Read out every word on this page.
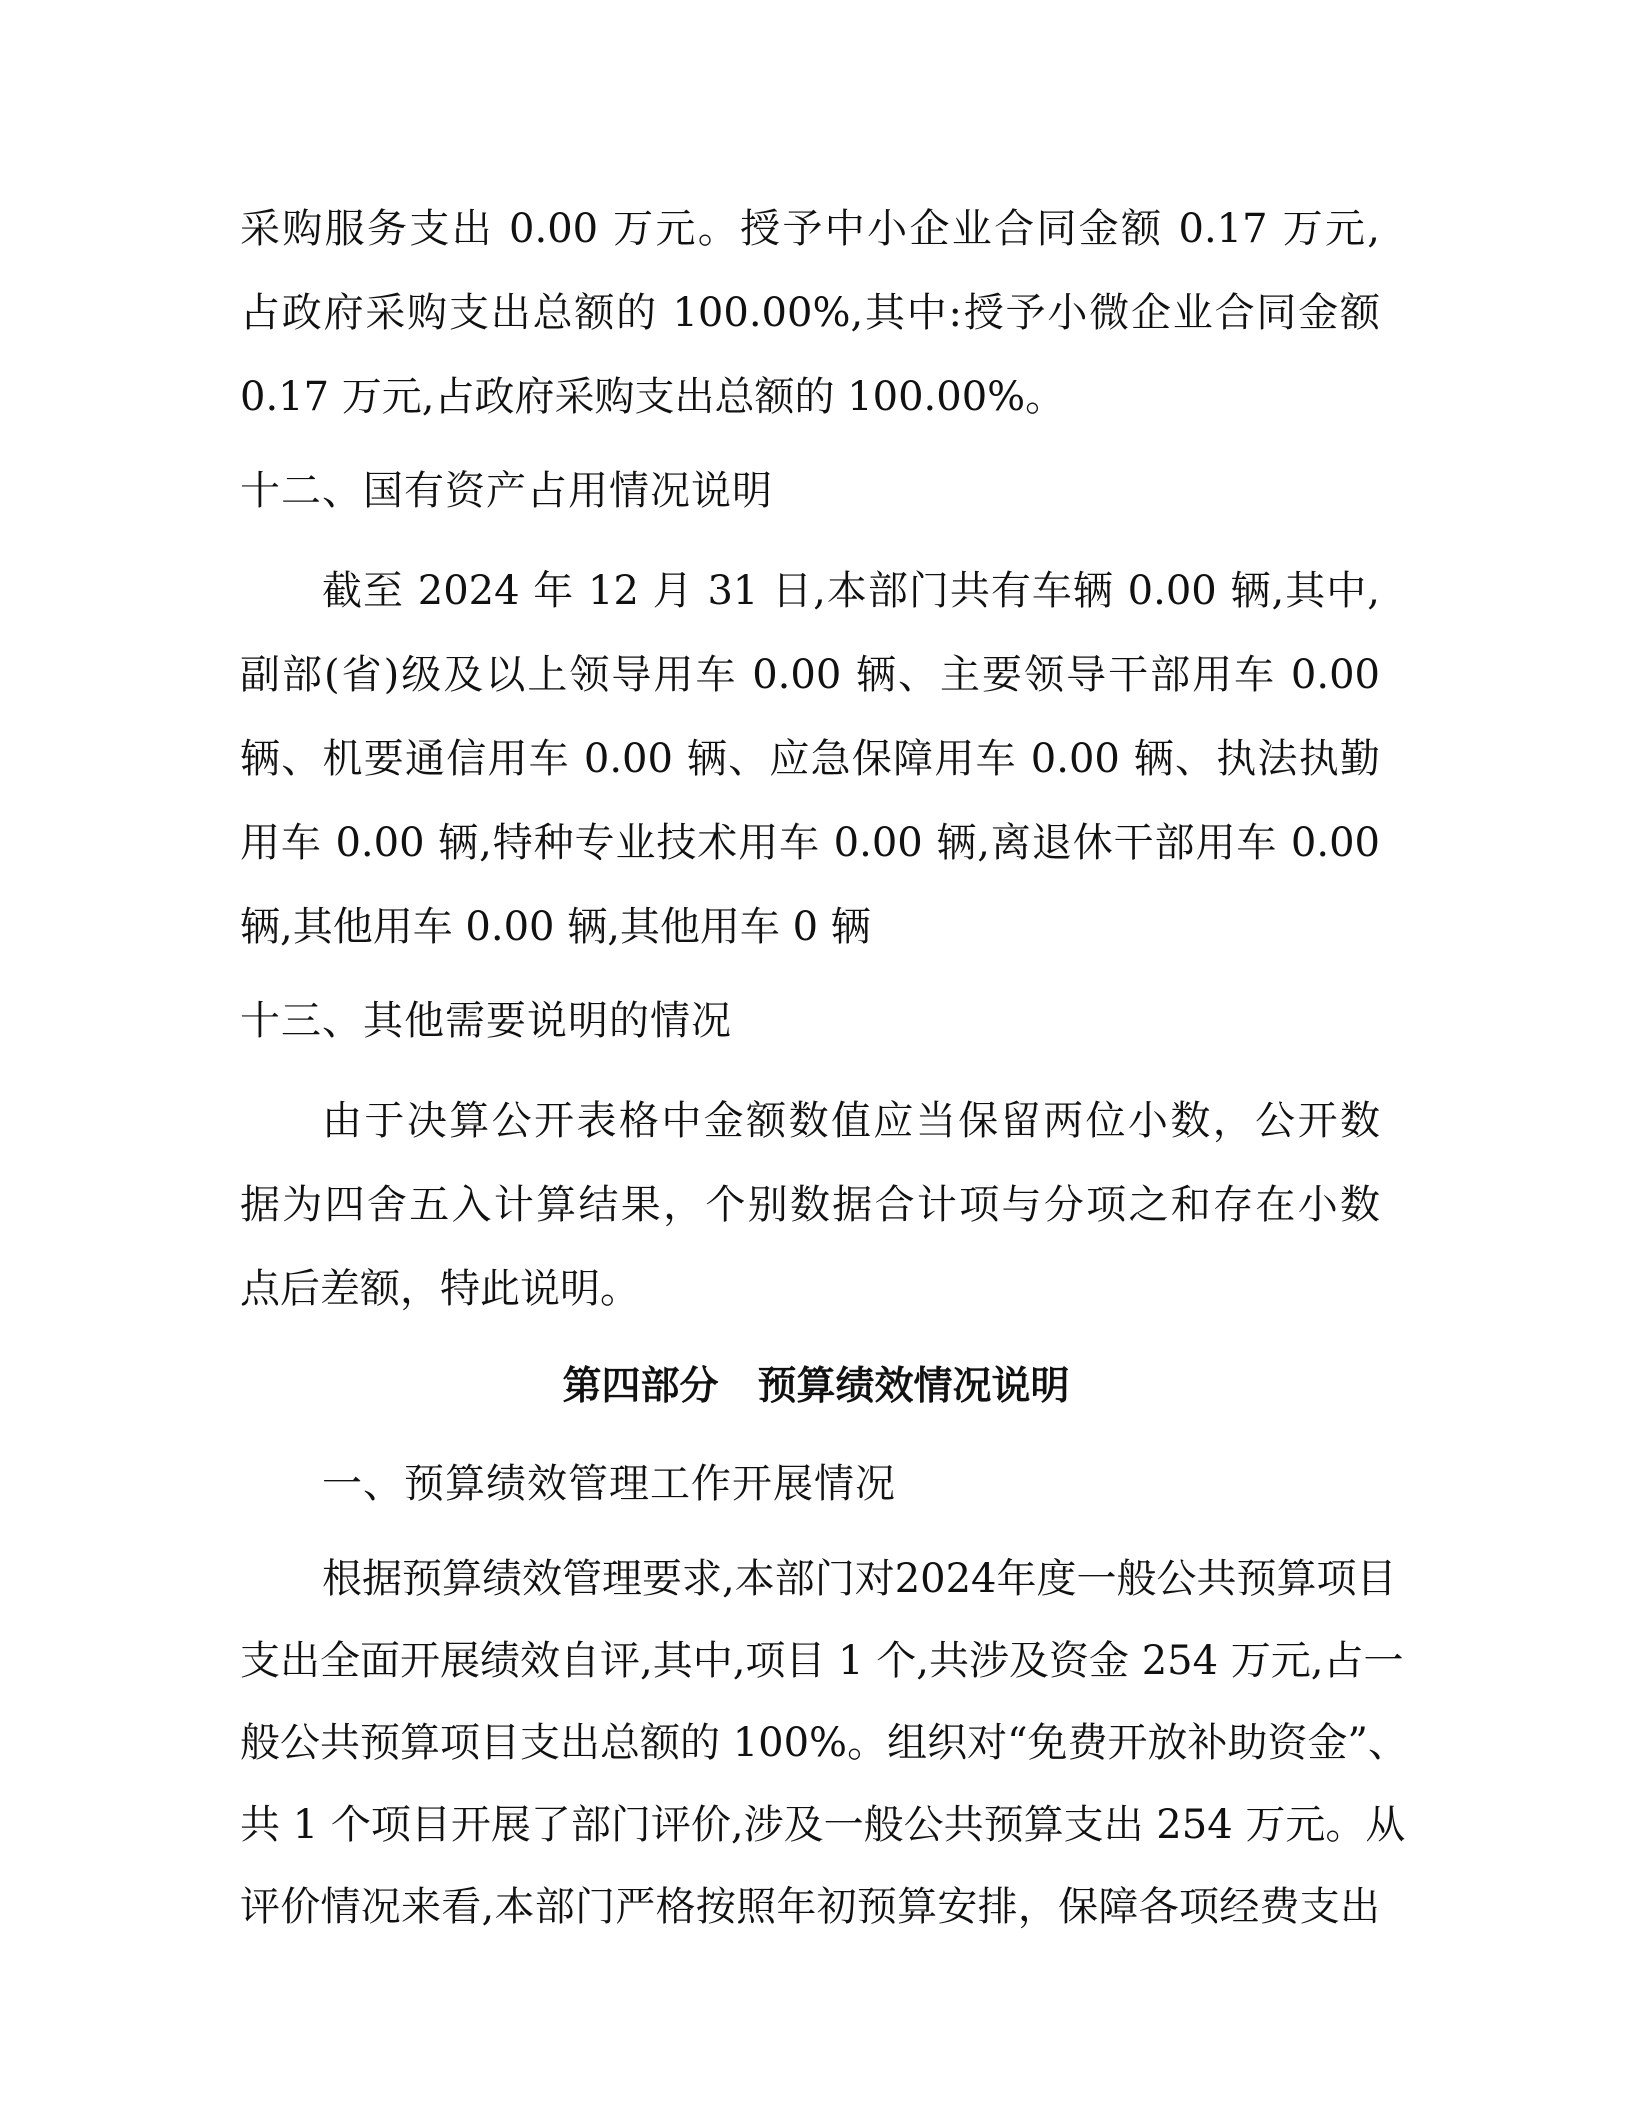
采购服务支出 0.00 万元。授予中小企业合同金额 0.17 万元,
占政府采购支出总额的 100.00%,其中:授予小微企业合同金额
0.17 万元,占政府采购支出总额的 100.00%。
十二、国有资产占用情况说明
截至 2024 年 12 月 31 日,本部门共有车辆 0.00 辆,其中,
副部(省)级及以上领导用车 0.00 辆、主要领导干部用车 0.00
辆、机要通信用车 0.00 辆、应急保障用车 0.00 辆、执法执勤
用车 0.00 辆,特种专业技术用车 0.00 辆,离退休干部用车 0.00
辆,其他用车 0.00 辆,其他用车 0 辆
十三、其他需要说明的情况
由于决算公开表格中金额数值应当保留两位小数，公开数
据为四舍五入计算结果，个别数据合计项与分项之和存在小数
点后差额，特此说明。
第四部分　预算绩效情况说明
一、预算绩效管理工作开展情况
根据预算绩效管理要求,本部门对2024年度一般公共预算项目
支出全面开展绩效自评,其中,项目 1 个,共涉及资金 254 万元,占一
般公共预算项目支出总额的 100%。组织对“免费开放补助资金”、
共 1 个项目开展了部门评价,涉及一般公共预算支出 254 万元。从
评价情况来看,本部门严格按照年初预算安排，保障各项经费支出
